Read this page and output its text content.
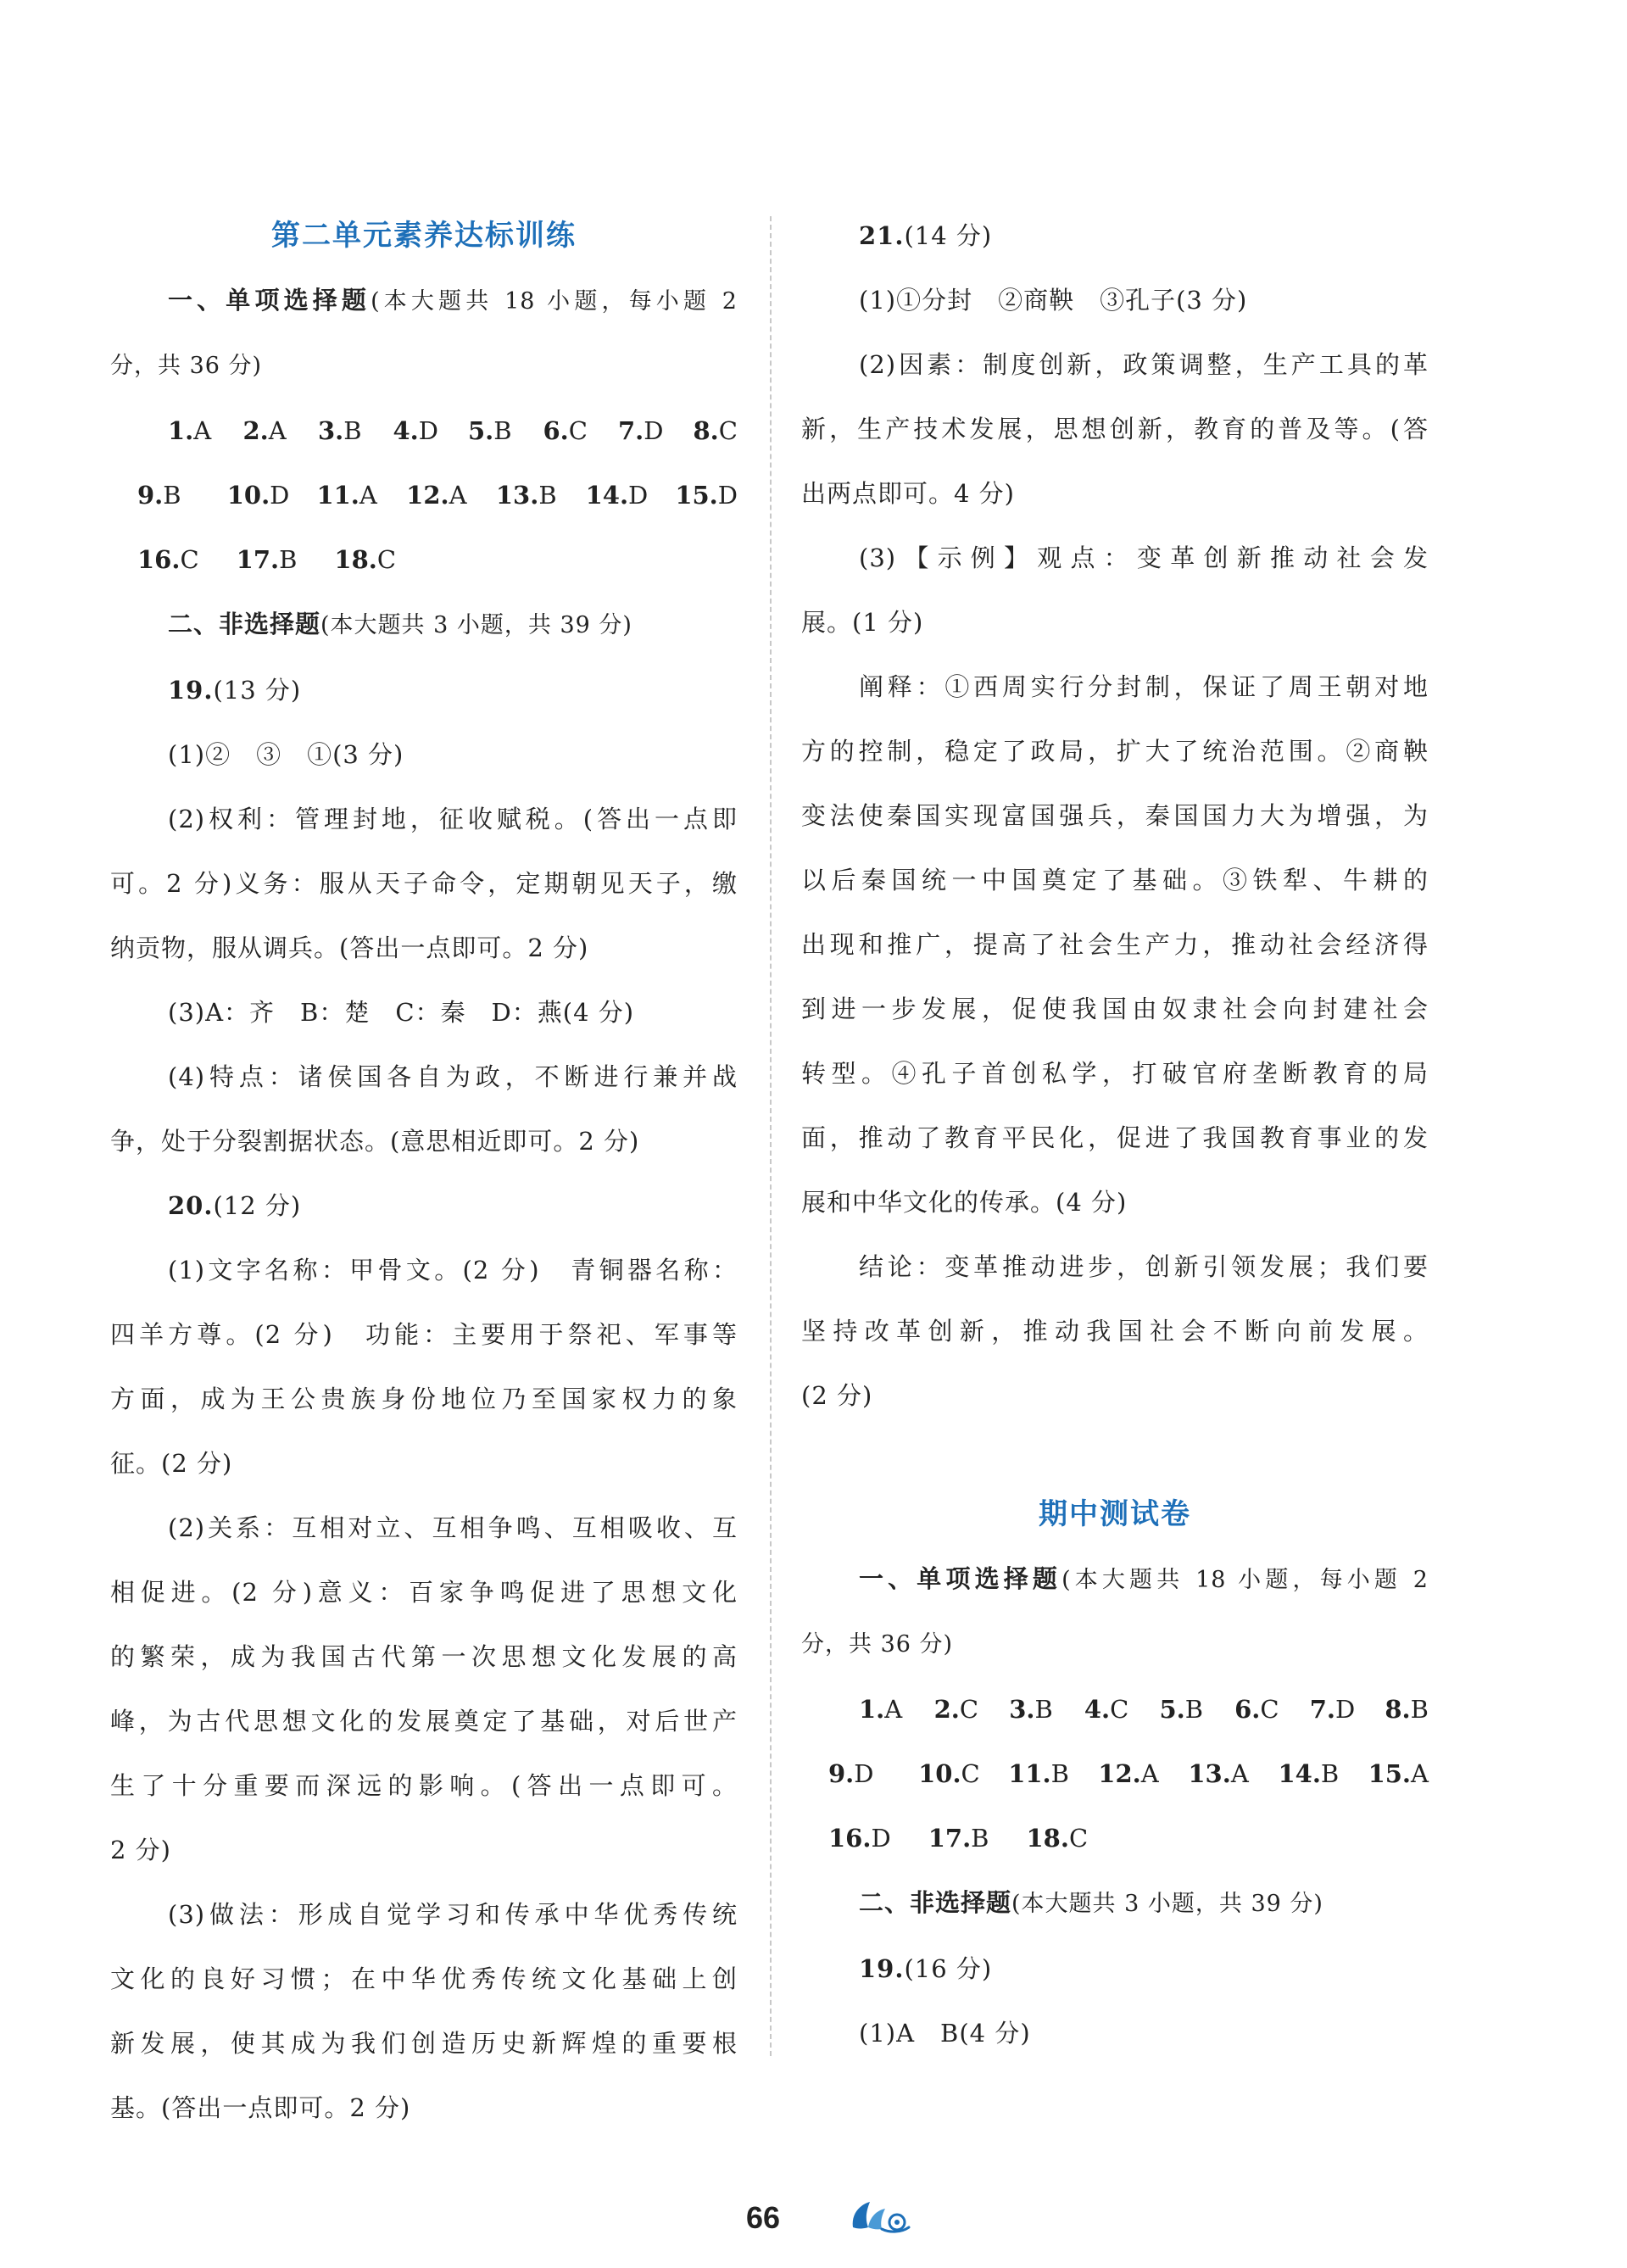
第二单元素养达标训练

一、单项选择题(本大题共 18 小题，每小题 2

分，共 36 分)

1.A	2.A	3.B	4.D	5.B	6.C	7.D	8.C
9.B	10.D	11.A	12.A	13.B	14.D	15.D
16.C 17.B 18.C

二、非选择题(本大题共 3 小题，共 39 分)

19.(13 分)

(1)②　③　①(3 分)

(2)权利：管理封地，征收赋税。(答出一点即

可。2 分)义务：服从天子命令，定期朝见天子，缴

纳贡物，服从调兵。(答出一点即可。2 分)

(3)A：齐　B：楚　C：秦　D：燕(4 分)

(4)特点：诸侯国各自为政，不断进行兼并战

争，处于分裂割据状态。(意思相近即可。2 分)

20.(12 分)

(1)文字名称：甲骨文。(2 分)　青铜器名称：

四羊方尊。(2 分)　功能：主要用于祭祀、军事等

方面，成为王公贵族身份地位乃至国家权力的象

征。(2 分)

(2)关系：互相对立、互相争鸣、互相吸收、互

相促进。(2 分)意义：百家争鸣促进了思想文化

的繁荣，成为我国古代第一次思想文化发展的高

峰，为古代思想文化的发展奠定了基础，对后世产

生了十分重要而深远的影响。(答出一点即可。

2 分)

(3)做法：形成自觉学习和传承中华优秀传统

文化的良好习惯；在中华优秀传统文化基础上创

新发展，使其成为我们创造历史新辉煌的重要根

基。(答出一点即可。2 分)

21.(14 分)

(1)①分封　②商鞅　③孔子(3 分)

(2)因素：制度创新，政策调整，生产工具的革

新，生产技术发展，思想创新，教育的普及等。(答

出两点即可。4 分)

(3)【示例】观点：变革创新推动社会发

展。(1 分)

阐释：①西周实行分封制，保证了周王朝对地

方的控制，稳定了政局，扩大了统治范围。②商鞅

变法使秦国实现富国强兵，秦国国力大为增强，为

以后秦国统一中国奠定了基础。③铁犁、牛耕的

出现和推广，提高了社会生产力，推动社会经济得

到进一步发展，促使我国由奴隶社会向封建社会

转型。④孔子首创私学，打破官府垄断教育的局

面，推动了教育平民化，促进了我国教育事业的发

展和中华文化的传承。(4 分)

结论：变革推动进步，创新引领发展；我们要

坚持改革创新，推动我国社会不断向前发展。

(2 分)

期中测试卷

一、单项选择题(本大题共 18 小题，每小题 2

分，共 36 分)

1.A	2.C	3.B	4.C	5.B	6.C	7.D	8.B
9.D	10.C	11.B	12.A	13.A	14.B	15.A
16.D 17.B 18.C

二、非选择题(本大题共 3 小题，共 39 分)

19.(16 分)

(1)A　B(4 分)

66
